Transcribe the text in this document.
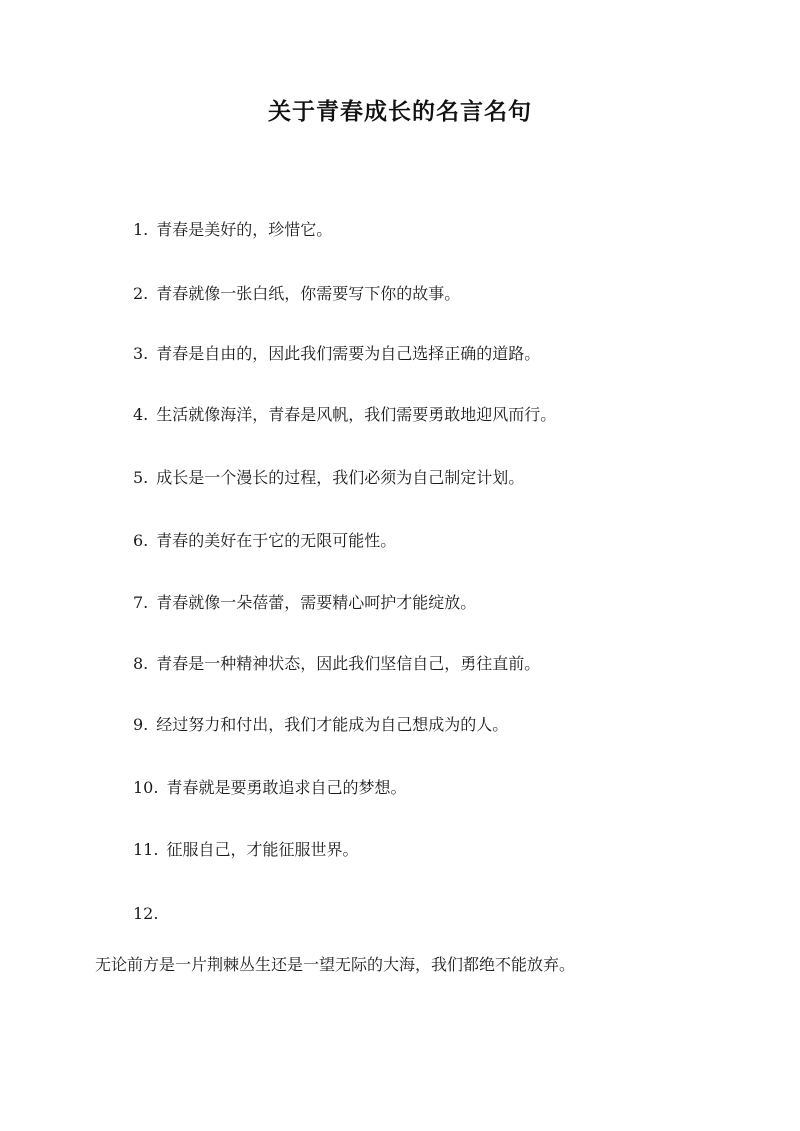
关于青春成长的名言名句
1. 青春是美好的，珍惜它。
2. 青春就像一张白纸，你需要写下你的故事。
3. 青春是自由的，因此我们需要为自己选择正确的道路。
4. 生活就像海洋，青春是风帆，我们需要勇敢地迎风而行。
5. 成长是一个漫长的过程，我们必须为自己制定计划。
6. 青春的美好在于它的无限可能性。
7. 青春就像一朵蓓蕾，需要精心呵护才能绽放。
8. 青春是一种精神状态，因此我们坚信自己，勇往直前。
9. 经过努力和付出，我们才能成为自己想成为的人。
10. 青春就是要勇敢追求自己的梦想。
11. 征服自己，才能征服世界。
12.
无论前方是一片荆棘丛生还是一望无际的大海，我们都绝不能放弃。
